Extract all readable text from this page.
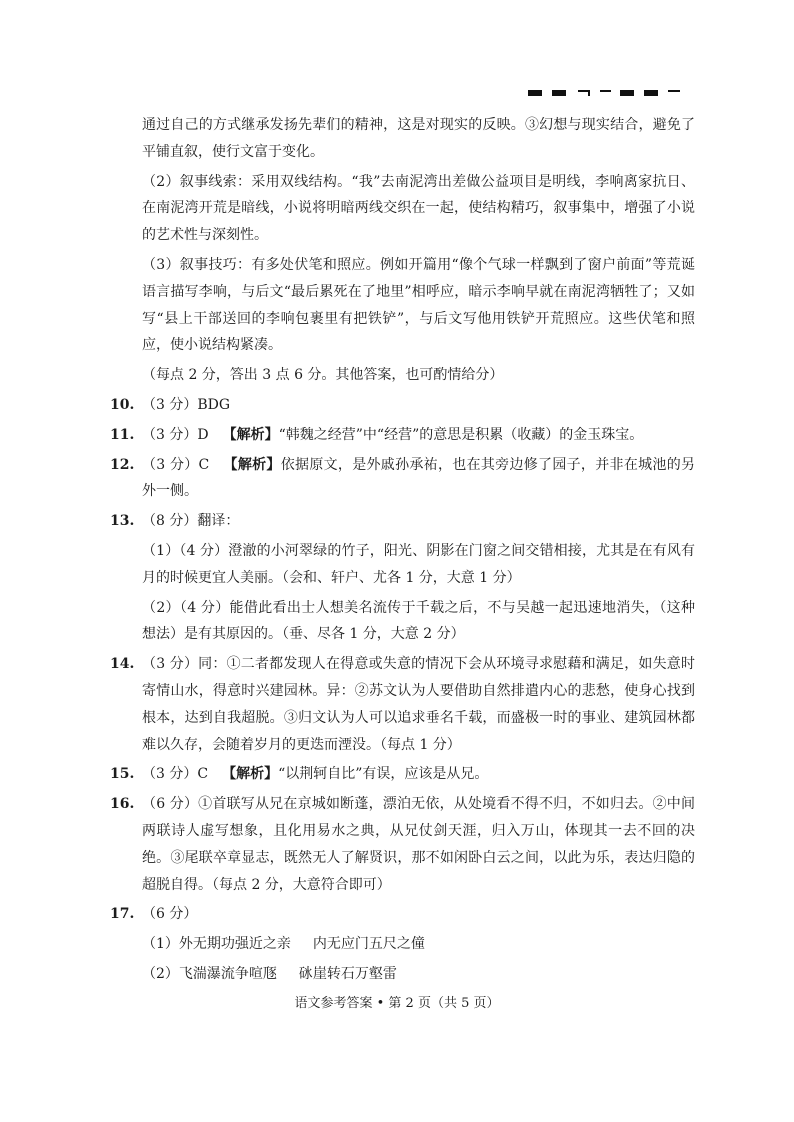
通过自己的方式继承发扬先辈们的精神，这是对现实的反映。③幻想与现实结合，避免了平铺直叙，使行文富于变化。

（2）叙事线索：采用双线结构。“我”去南泥湾出差做公益项目是明线，李响离家抗日、在南泥湾开荒是暗线，小说将明暗两线交织在一起，使结构精巧，叙事集中，增强了小说的艺术性与深刻性。

（3）叙事技巧：有多处伏笔和照应。例如开篇用“像个气球一样飘到了窗户前面”等荒诞语言描写李响，与后文“最后累死在了地里”相呼应，暗示李响早就在南泥湾牺牲了；又如写“县上干部送回的李响包裹里有把铁铲”，与后文写他用铁铲开荒照应。这些伏笔和照应，使小说结构紧凑。

（每点 2 分，答出 3 点 6 分。其他答案，也可酌情给分）

10. （3 分）BDG
11. （3 分）D 【解析】“韩魏之经营”中“经营”的意思是积累（收藏）的金玉珠宝。
12. （3 分）C 【解析】依据原文，是外戚孙承祐，也在其旁边修了园子，并非在城池的另外一侧。
13. （8 分）翻译：

（1）（4 分）澄澈的小河翠绿的竹子，阳光、阴影在门窗之间交错相接，尤其是在有风有月的时候更宜人美丽。（会和、轩户、尤各 1 分，大意 1 分）

（2）（4 分）能借此看出士人想美名流传于千载之后，不与吴越一起迅速地消失，（这种想法）是有其原因的。（垂、尽各 1 分，大意 2 分）

14. （3 分）同：①二者都发现人在得意或失意的情况下会从环境寻求慰藉和满足，如失意时寄情山水，得意时兴建园林。异：②苏文认为人要借助自然排遣内心的悲愁，使身心找到根本，达到自我超脱。③归文认为人可以追求垂名千载，而盛极一时的事业、建筑园林都难以久存，会随着岁月的更迭而湮没。（每点 1 分）
15. （3 分）C 【解析】“以荆轲自比”有误，应该是从兄。
16. （6 分）①首联写从兄在京城如断蓬，漂泊无依，从处境看不得不归，不如归去。②中间两联诗人虚写想象，且化用易水之典，从兄仗剑天涯，归入万山，体现其一去不回的决绝。③尾联卒章显志，既然无人了解贤识，那不如闲卧白云之间，以此为乐，表达归隐的超脱自得。（每点 2 分，大意符合即可）
17. （6 分）

（1）外无期功强近之亲 内无应门五尺之僮

（2）飞湍瀑流争喧豗 砯崖转石万壑雷

语文参考答案 • 第 2 页（共 5 页）
